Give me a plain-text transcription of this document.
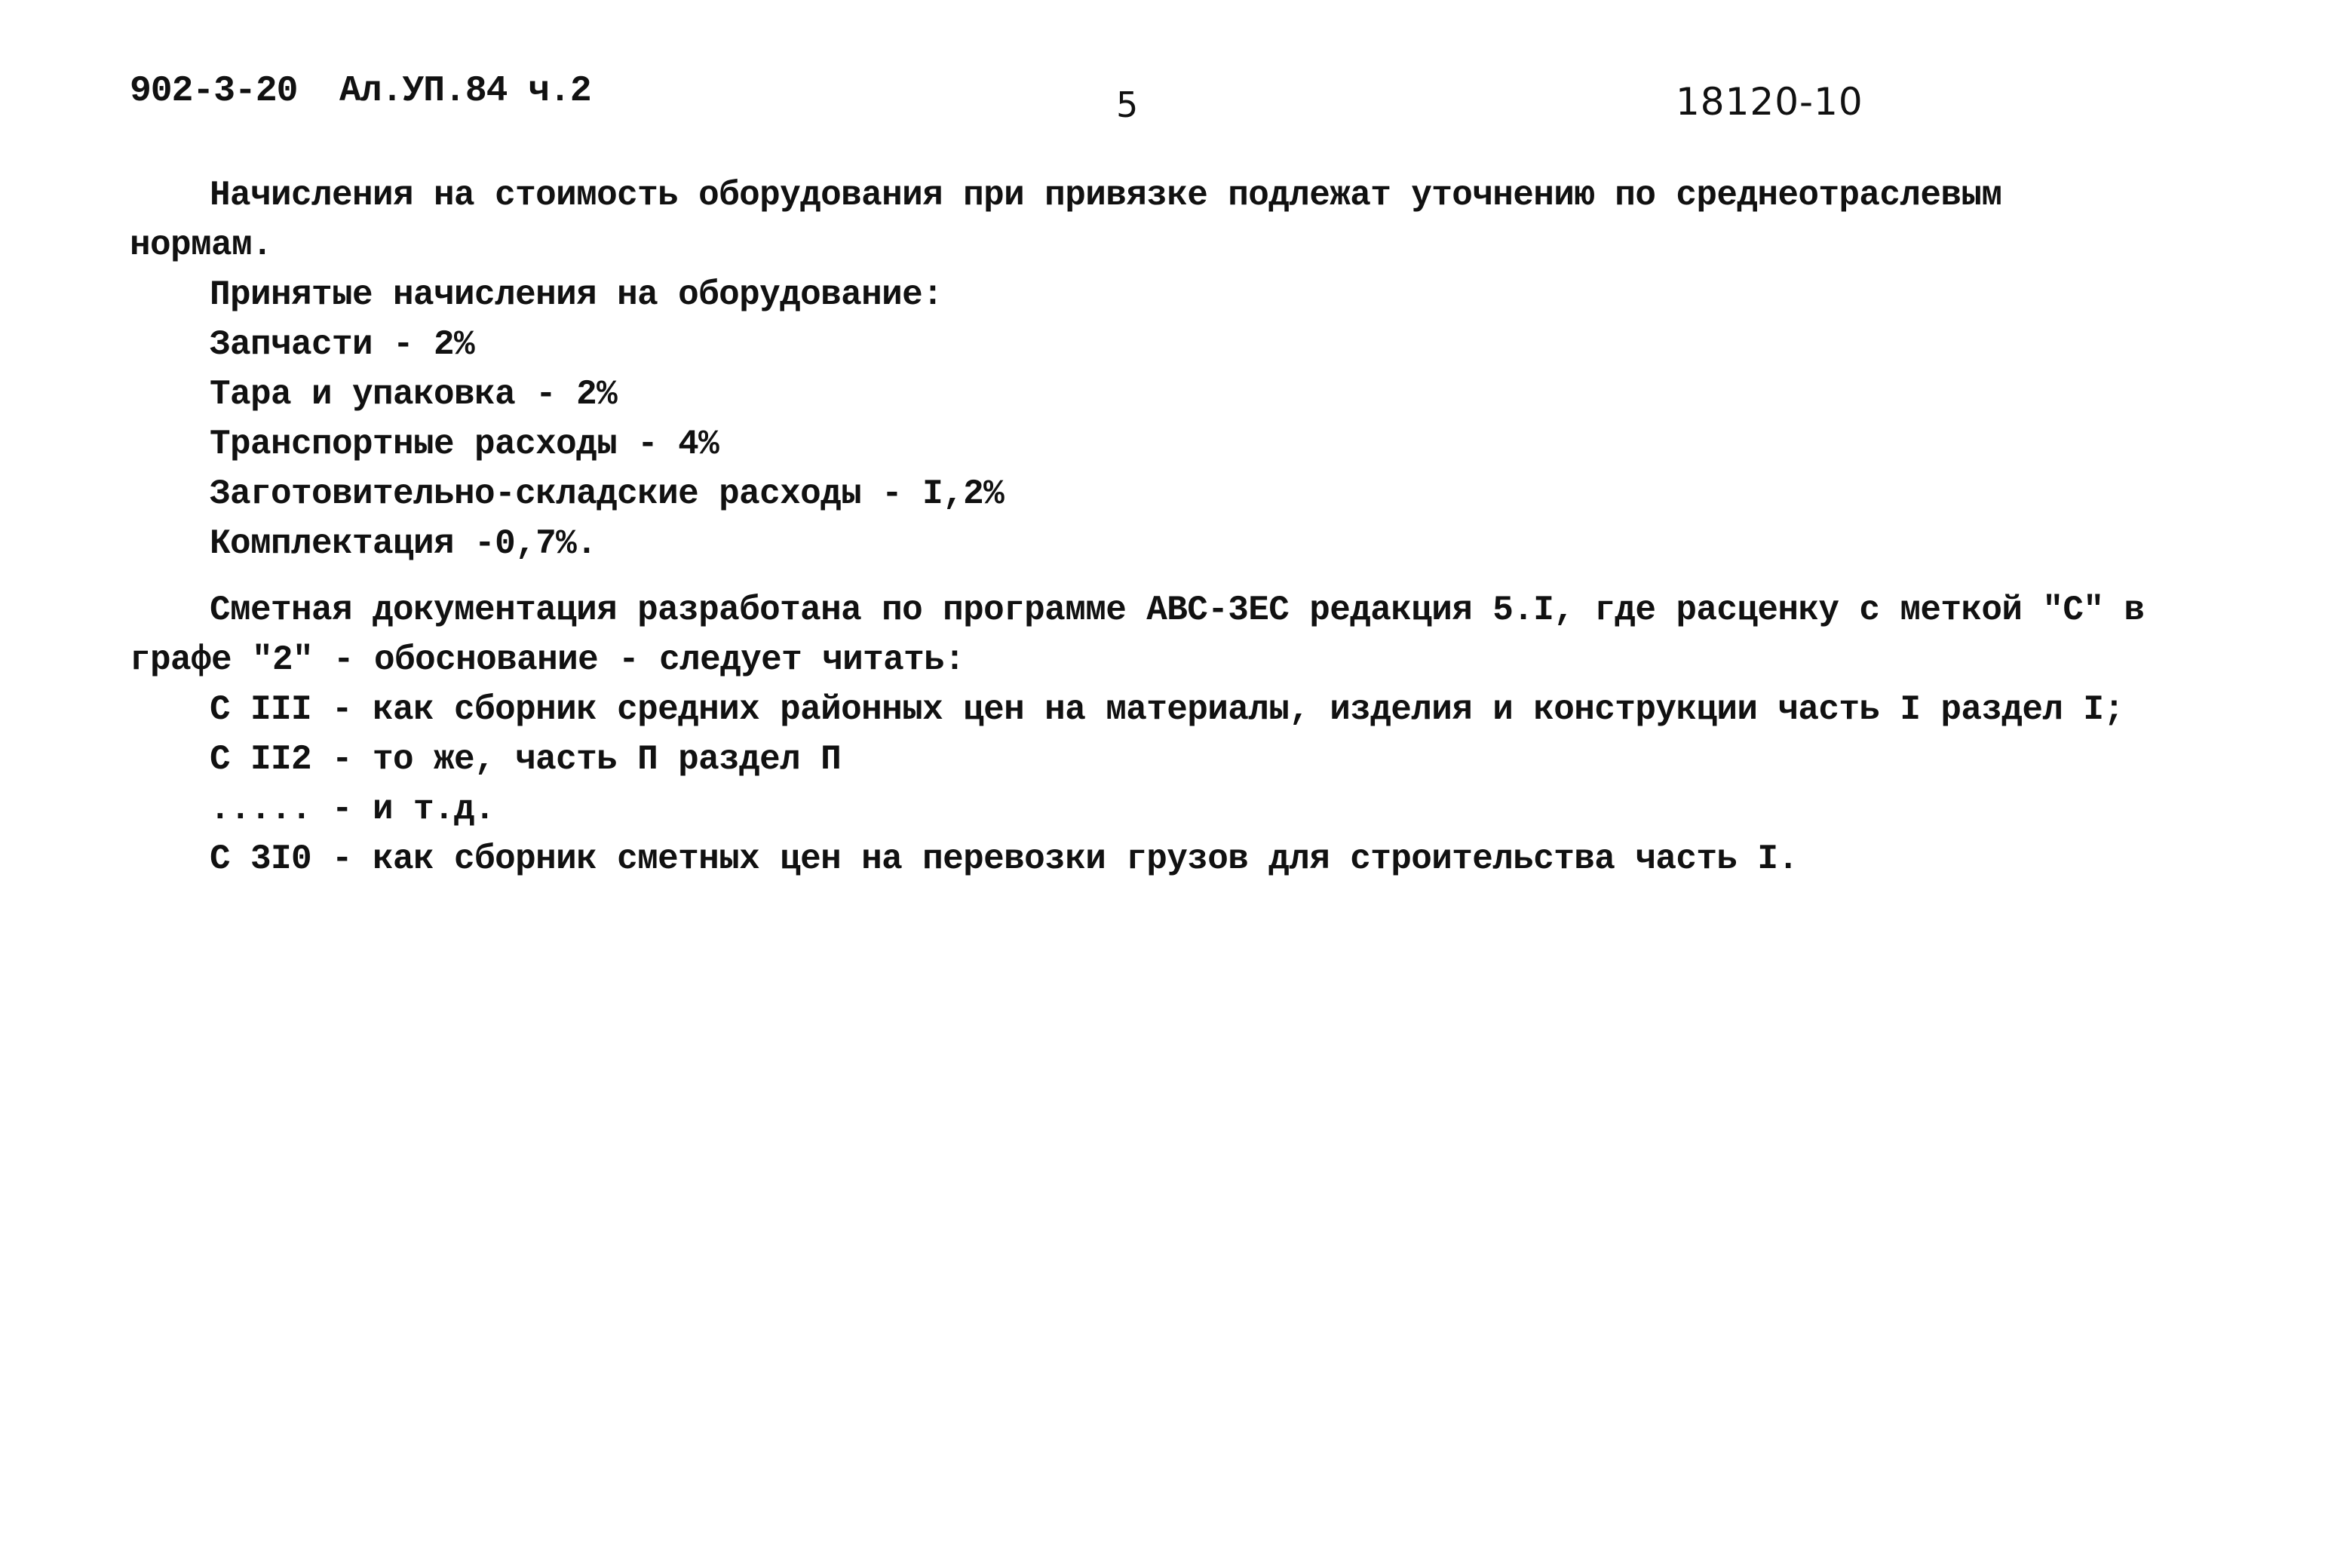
902-3-20  Ал.УП.84 ч.2	5	18120-10
Начисления на стоимость оборудования при привязке подлежат уточнению по среднеотраслевым
нормам.
Принятые начисления на оборудование:
Запчасти - 2%
Тара и упаковка - 2%
Транспортные расходы - 4%
Заготовительно-складские расходы - I,2%
Комплектация -0,7%.
Сметная документация разработана по программе АВС-3ЕС редакция 5.I, где расценку с меткой "С" в
графе "2" - обоснование - следует читать:
С III - как сборник средних районных цен на материалы, изделия и конструкции часть I раздел I;
С II2 - то же, часть П раздел П
..... - и т.д.
С 3I0 - как сборник сметных цен на перевозки грузов для строительства часть I.
